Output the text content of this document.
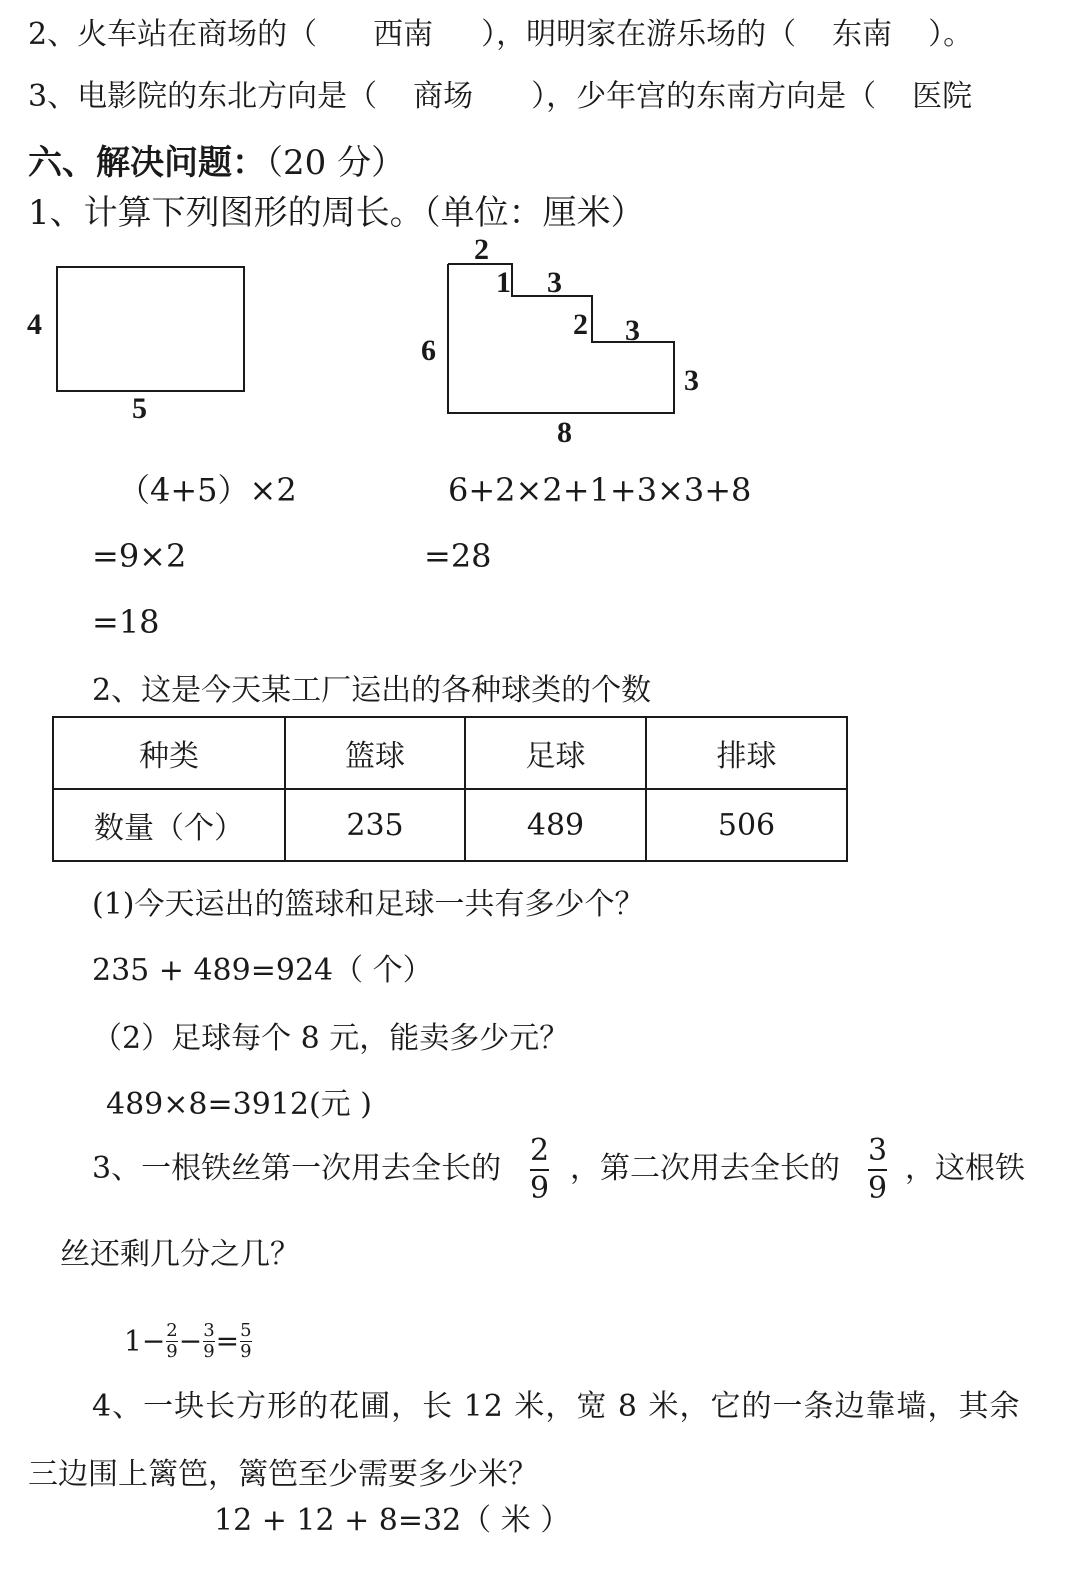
2、火车站在商场的（ 西南 ），明明家在游乐场的（ 东南 ）。
3、电影院的东北方向是（ 商场 ），少年宫的东南方向是（ 医院
六、解决问题：（20 分）
1、计算下列图形的周长。（单位：厘米）
4
5
2
1 3
2 3
6
3
8
（4+5）×2
=9×2
=18
6+2×2+1+3×3+8
=28
2、这是今天某工厂运出的各种球类的个数
种类	篮球	足球	排球
数量（个）	235	489	506
(1)今天运出的篮球和足球一共有多少个？
235 + 489=924（ 个）
（2）足球每个 8 元，能卖多少元？
489×8=3912(元 )
3、一根铁丝第一次用去全长的
2
9
，第二次用去全长的
3
9
，这根铁
丝还剩几分之几？
$1- \frac{2}{9} - \frac{3}{9} = \frac{5}{9}$
4、一块长方形的花圃，长 12 米，宽 8 米，它的一条边靠墙，其余
三边围上篱笆，篱笆至少需要多少米？
12 + 12 + 8=32（ 米 ）
